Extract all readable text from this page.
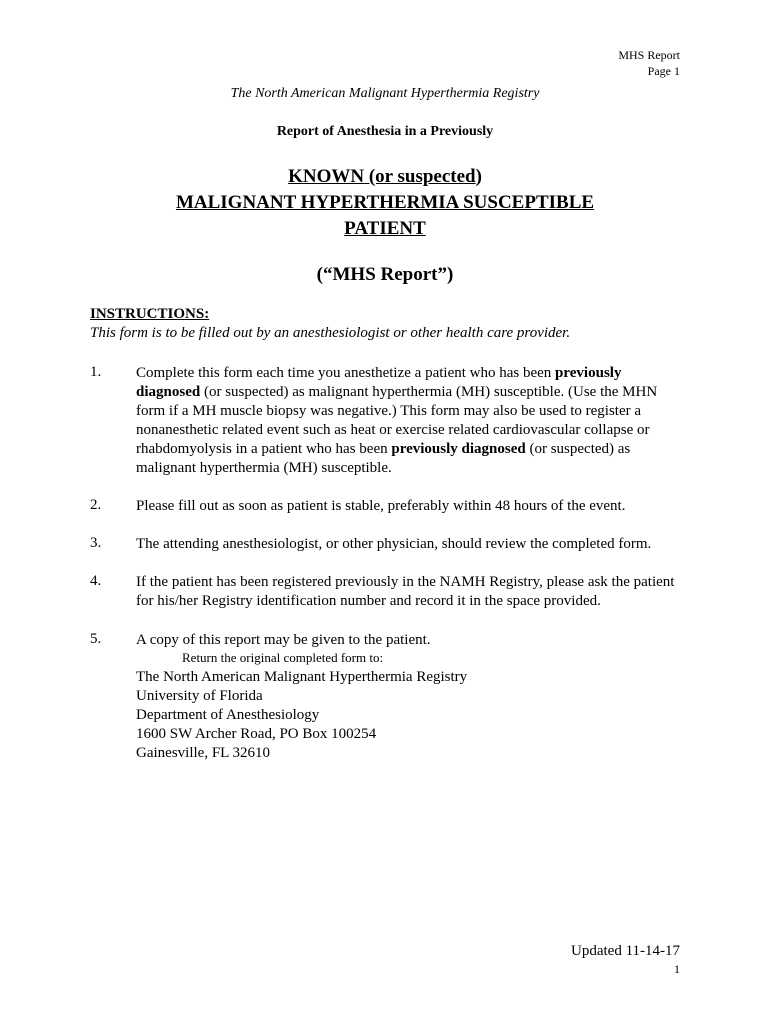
MHS Report
Page 1
The North American Malignant Hyperthermia Registry
Report of Anesthesia in a Previously
KNOWN (or suspected)
MALIGNANT HYPERTHERMIA SUSCEPTIBLE
PATIENT
(“MHS Report”)
INSTRUCTIONS:
This form is to be filled out by an anesthesiologist or other health care provider.
1. Complete this form each time you anesthetize a patient who has been previously
diagnosed (or suspected) as malignant hyperthermia (MH) susceptible. (Use the MHN
form if a MH muscle biopsy was negative.) This form may also be used to register a
nonanesthetic related event such as heat or exercise related cardiovascular collapse or
rhabdomyolysis in a patient who has been previously diagnosed (or suspected) as
malignant hyperthermia (MH) susceptible.
2. Please fill out as soon as patient is stable, preferably within 48 hours of the event.
3. The attending anesthesiologist, or other physician, should review the completed form.
4. If the patient has been registered previously in the NAMH Registry, please ask the patient
for his/her Registry identification number and record it in the space provided.
5. A copy of this report may be given to the patient.
Return the original completed form to:
The North American Malignant Hyperthermia Registry
University of Florida
Department of Anesthesiology
1600 SW Archer Road, PO Box 100254
Gainesville, FL 32610
Updated 11-14-17
1
